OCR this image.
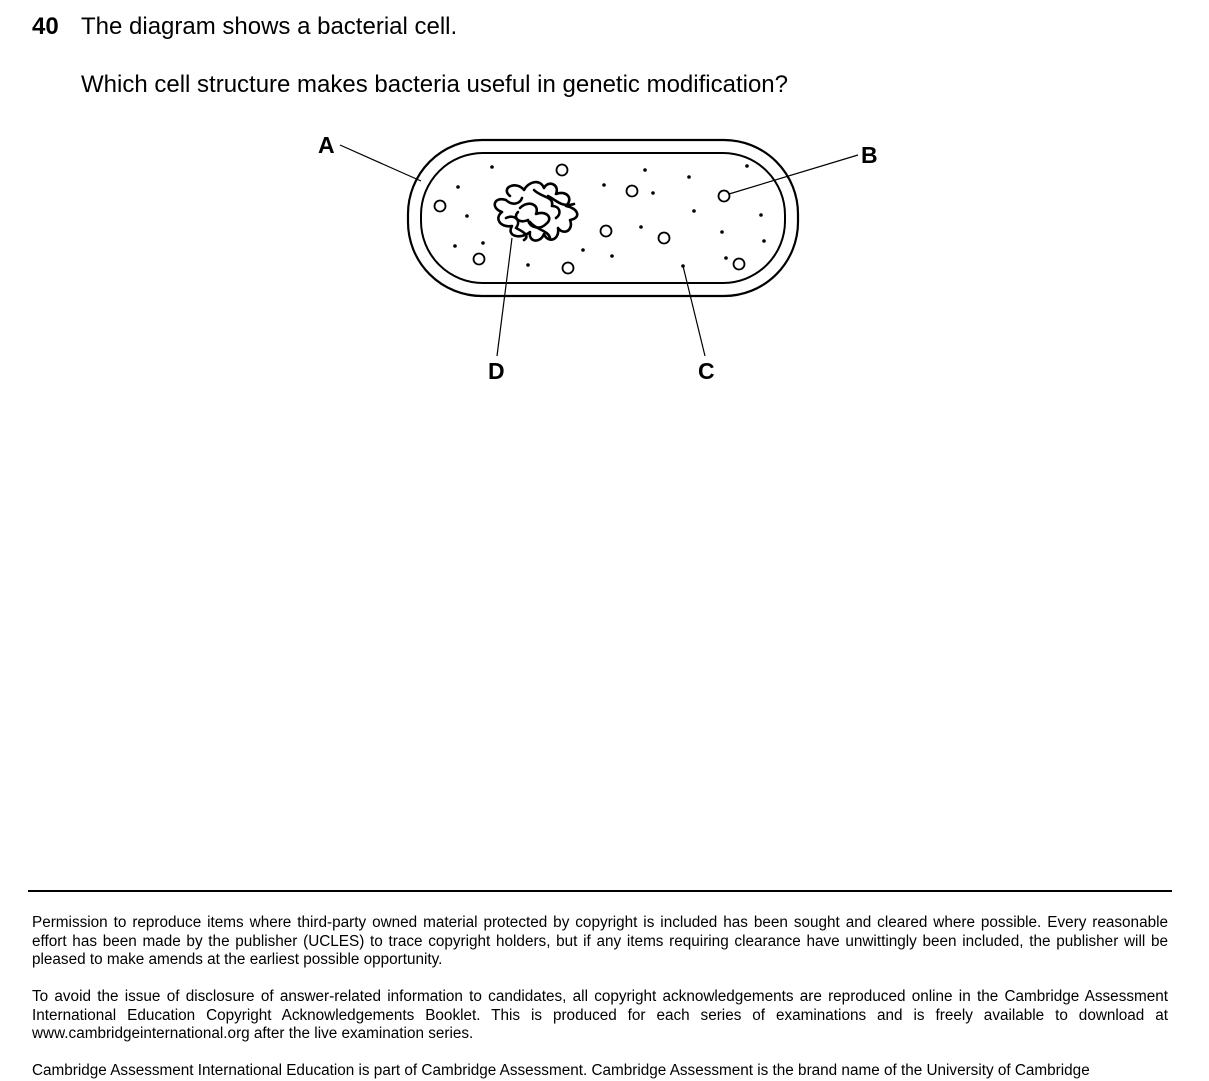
40 The diagram shows a bacterial cell.
Which cell structure makes bacteria useful in genetic modification?
A	B
C
D

Permission to reproduce items where third-party owned material protected by copyright is included has been sought and cleared where possible. Every reasonable effort has been made by the publisher (UCLES) to trace copyright holders, but if any items requiring clearance have unwittingly been included, the publisher will be pleased to make amends at the earliest possible opportunity.

To avoid the issue of disclosure of answer-related information to candidates, all copyright acknowledgements are reproduced online in the Cambridge Assessment International Education Copyright Acknowledgements Booklet. This is produced for each series of examinations and is freely available to download at www.cambridgeinternational.org after the live examination series.

Cambridge Assessment International Education is part of Cambridge Assessment. Cambridge Assessment is the brand name of the University of Cambridge
